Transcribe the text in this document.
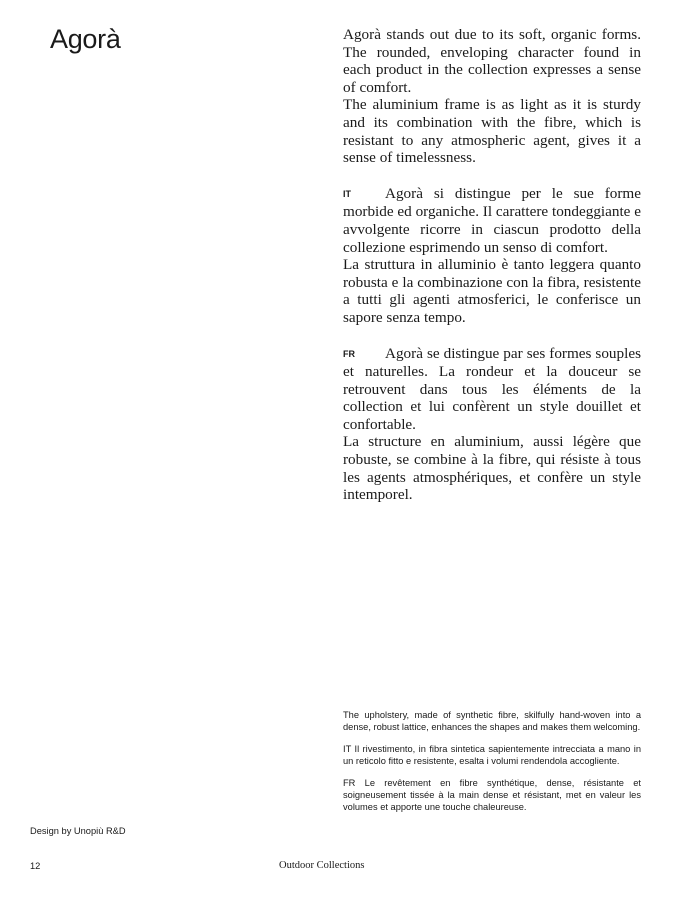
Agorà	Agorà stands out due to its soft, organic forms. The rounded, enveloping character found in each product in the collection expresses a sense of comfort.

The aluminium frame is as light as it is sturdy and its combination with the fibre, which is resistant to any atmospheric agent, gives it a sense of timelessness.

IT Agorà si distingue per le sue forme morbide ed organiche. Il carattere tondeggiante e avvolgente ricorre in ciascun prodotto della collezione esprimendo un senso di comfort.

La struttura in alluminio è tanto leggera quanto robusta e la combinazione con la fibra, resistente a tutti gli agenti atmosferici, le conferisce un sapore senza tempo.

FR Agorà se distingue par ses formes souples et naturelles. La rondeur et la douceur se retrouvent dans tous les éléments de la collection et lui confèrent un style douillet et confortable.

La structure en aluminium, aussi légère que robuste, se combine à la fibre, qui résiste à tous les agents atmosphériques, et confère un style intemporel.

The upholstery, made of synthetic fibre, skilfully hand-woven into a dense, robust lattice, enhances the shapes and makes them welcoming.

IT Il rivestimento, in fibra sintetica sapientemente intrecciata a mano in un reticolo fitto e resistente, esalta i volumi rendendola accogliente.

FR Le revêtement en fibre synthétique, dense, résistante et soigneusement tissée à la main dense et résistant, met en valeur les volumes et apporte une touche chaleureuse.

Design by Unopiù R&D
12	Outdoor Collections
